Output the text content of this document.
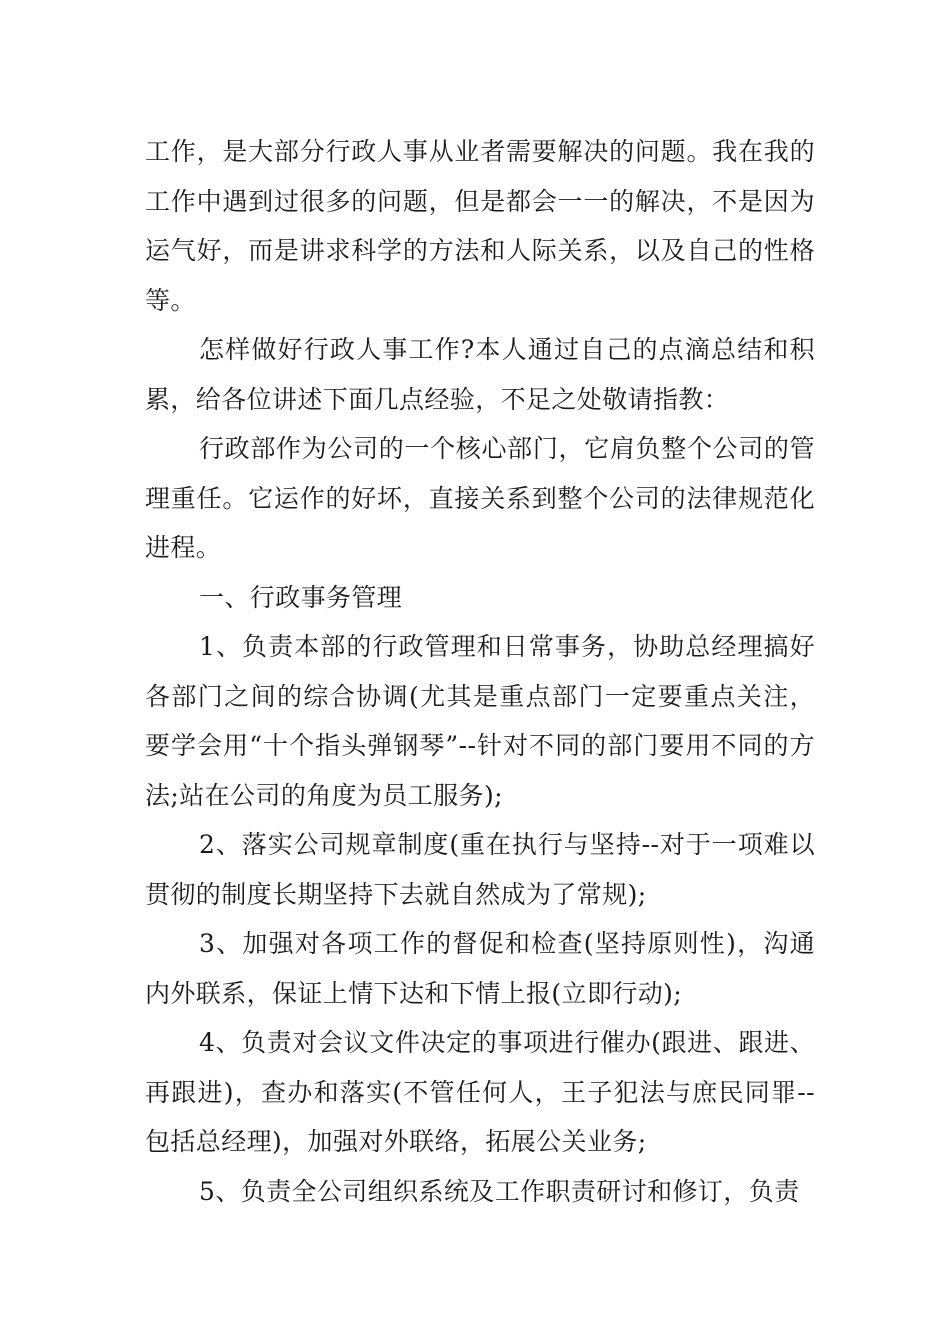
工作，是大部分行政人事从业者需要解决的问题。我在我的工作中遇到过很多的问题，但是都会一一的解决，不是因为运气好，而是讲求科学的方法和人际关系，以及自己的性格等。

怎样做好行政人事工作?本人通过自己的点滴总结和积累，给各位讲述下面几点经验，不足之处敬请指教：

行政部作为公司的一个核心部门，它肩负整个公司的管理重任。它运作的好坏，直接关系到整个公司的法律规范化进程。

一、行政事务管理

1、负责本部的行政管理和日常事务，协助总经理搞好各部门之间的综合协调(尤其是重点部门一定要重点关注，要学会用“十个指头弹钢琴”--针对不同的部门要用不同的方法;站在公司的角度为员工服务);

2、落实公司规章制度(重在执行与坚持--对于一项难以贯彻的制度长期坚持下去就自然成为了常规);

3、加强对各项工作的督促和检查(坚持原则性)，沟通内外联系，保证上情下达和下情上报(立即行动);

4、负责对会议文件决定的事项进行催办(跟进、跟进、再跟进)，查办和落实(不管任何人，王子犯法与庶民同罪--包括总经理)，加强对外联络，拓展公关业务;

5、负责全公司组织系统及工作职责研讨和修订，负责
